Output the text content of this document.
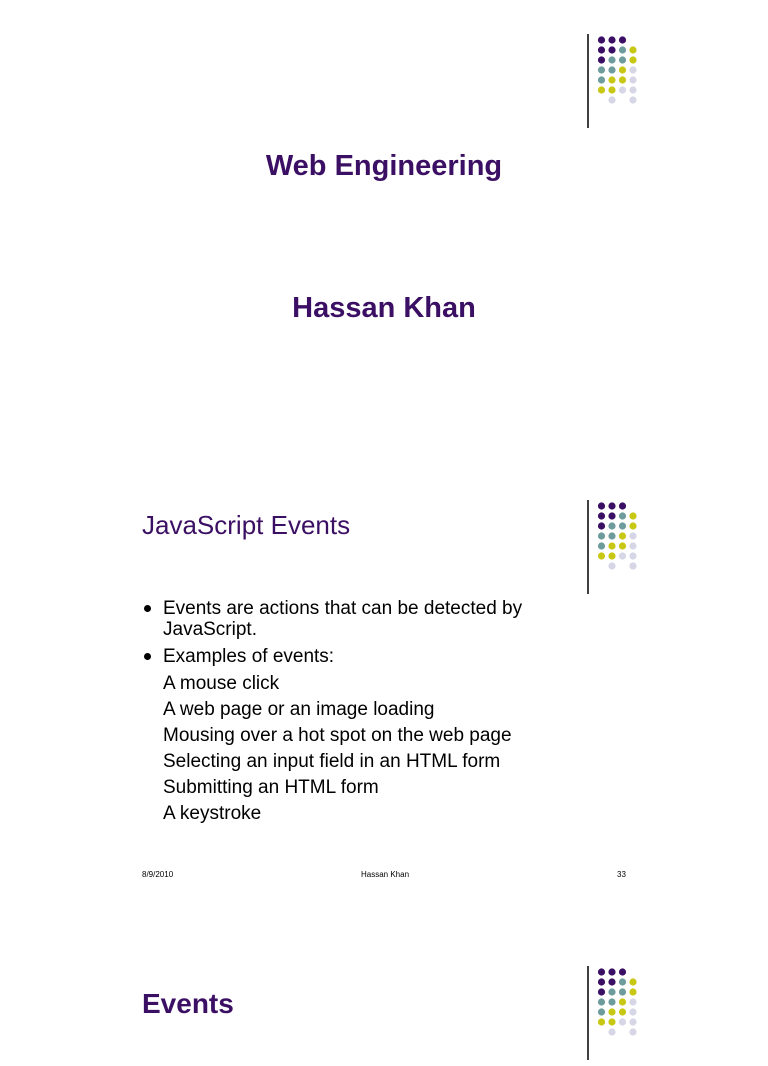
Web Engineering
Hassan Khan
JavaScript Events
Events are actions that can be detected by JavaScript.
Examples of events:
A mouse click
A web page or an image loading
Mousing over a hot spot on the web page
Selecting an input field in an HTML form
Submitting an HTML form
A keystroke
8/9/2010	Hassan Khan	33
Events
